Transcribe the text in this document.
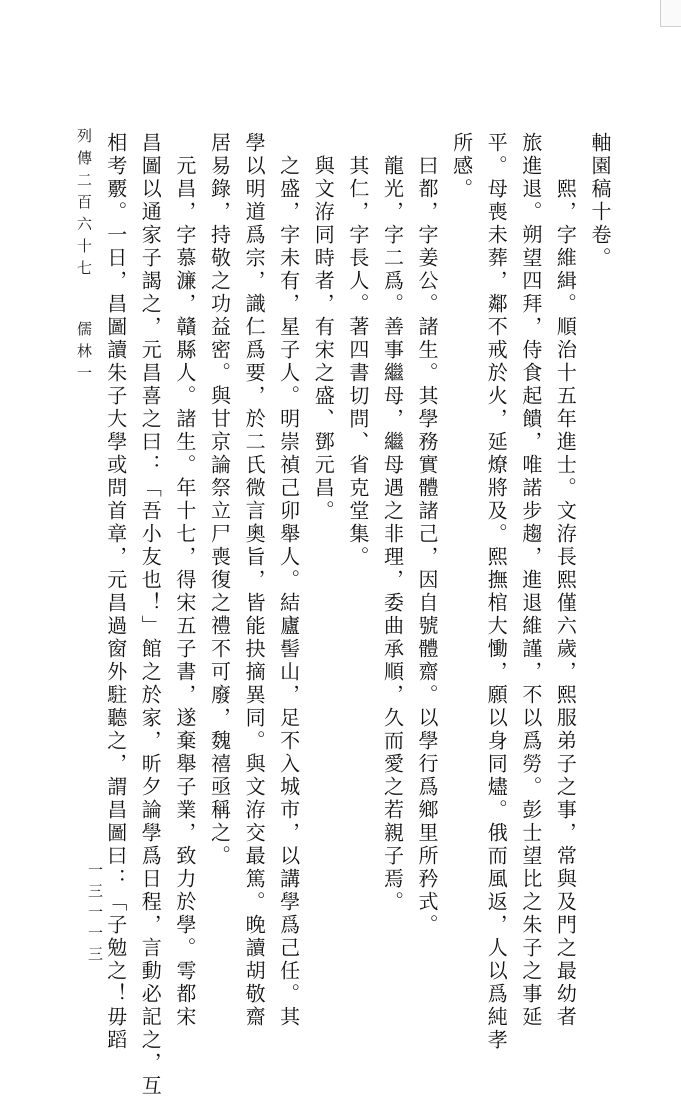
軸園稿十卷。
熙，字維緝。順治十五年進士。文洊長熙僅六歲，熙服弟子之事，常與及門之最幼者
旅進退。朔望四拜，侍食起饋，唯諾步趨，進退維謹，不以爲勞。彭士望比之朱子之事延
平。母喪未葬，鄰不戒於火，延燎將及。熙撫棺大慟，願以身同燼。俄而風返，人以爲純孝
所感。
曰都，字姜公。諸生。其學務實體諸己，因自號體齋。以學行爲鄉里所矜式。
龍光，字二爲。善事繼母，繼母遇之非理，委曲承順，久而愛之若親子焉。
其仁，字長人。著四書切問、省克堂集。
與文洊同時者，有宋之盛、鄧元昌。
之盛，字未有，星子人。明崇禎己卯舉人。結廬髻山，足不入城市，以講學爲己任。其
學以明道爲宗，識仁爲要，於二氏微言奧旨，皆能抉摘異同。與文洊交最篤。晚讀胡敬齋
居易錄，持敬之功益密。與甘京論祭立尸喪復之禮不可廢，魏禧亟稱之。
元昌，字慕濂，贛縣人。諸生。年十七，得宋五子書，遂棄舉子業，致力於學。雩都宋
昌圖以通家子謁之，元昌喜之曰：「吾小友也！」館之於家，昕夕論學爲日程，言動必記之，互
相考覈。一日，昌圖讀朱子大學或問首章，元昌過窗外駐聽之，謂昌圖曰：「子勉之！毋蹈
列傳二百六十七 儒林一
一三一一三
